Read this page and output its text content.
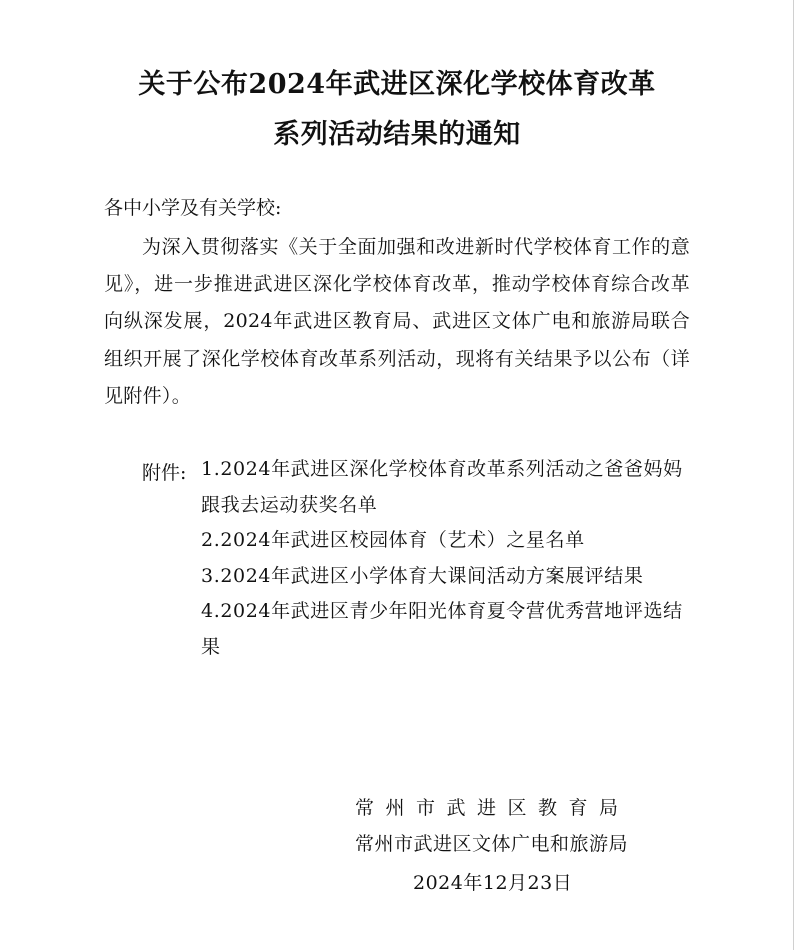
关于公布2024年武进区深化学校体育改革
系列活动结果的通知
各中小学及有关学校:
为深入贯彻落实《关于全面加强和改进新时代学校体育工作的意见》，进一步推进武进区深化学校体育改革，推动学校体育综合改革向纵深发展，2024年武进区教育局、武进区文体广电和旅游局联合组织开展了深化学校体育改革系列活动，现将有关结果予以公布（详见附件）。
附件: 1.2024年武进区深化学校体育改革系列活动之爸爸妈妈跟我去运动获奖名单
2.2024年武进区校园体育（艺术）之星名单
3.2024年武进区小学体育大课间活动方案展评结果
4.2024年武进区青少年阳光体育夏令营优秀营地评选结果
常州市武进区教育局
常州市武进区文体广电和旅游局
2024年12月23日
